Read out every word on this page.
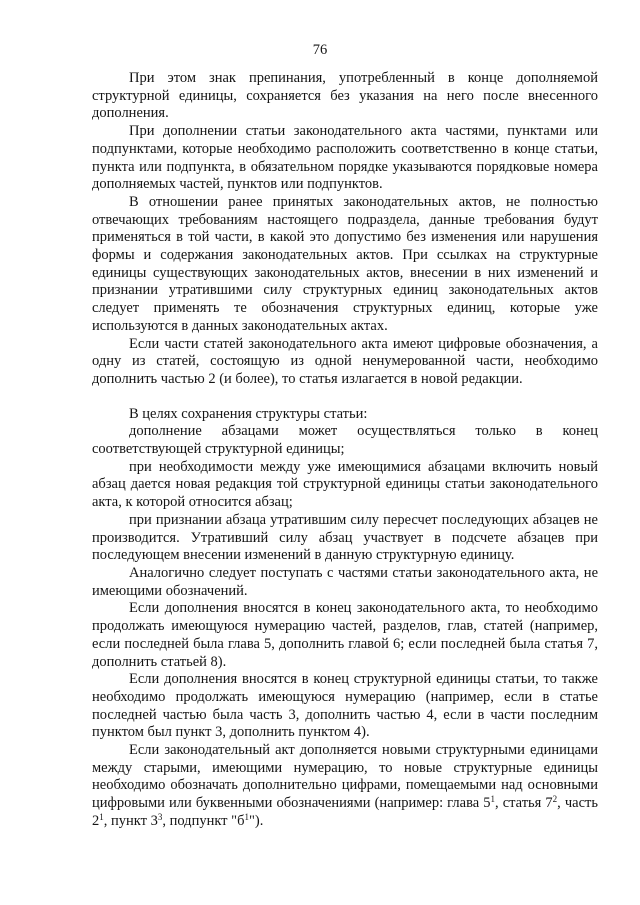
76

При этом знак препинания, употребленный в конце дополняемой структурной единицы, сохраняется без указания на него после внесенного дополнения.

При дополнении статьи законодательного акта частями, пунктами или подпунктами, которые необходимо расположить соответственно в конце статьи, пункта или подпункта, в обязательном порядке указываются порядковые номера дополняемых частей, пунктов или подпунктов.

В отношении ранее принятых законодательных актов, не полностью отвечающих требованиям настоящего подраздела, данные требования будут применяться в той части, в какой это допустимо без изменения или нарушения формы и содержания законодательных актов. При ссылках на структурные единицы существующих законодательных актов, внесении в них изменений и признании утратившими силу структурных единиц законодательных актов следует применять те обозначения структурных единиц, которые уже используются в данных законодательных актах.

Если части статей законодательного акта имеют цифровые обозначения, а одну из статей, состоящую из одной ненумерованной части, необходимо дополнить частью 2 (и более), то статья излагается в новой редакции.

В целях сохранения структуры статьи:

дополнение абзацами может осуществляться только в конец соответствующей структурной единицы;

при необходимости между уже имеющимися абзацами включить новый абзац дается новая редакция той структурной единицы статьи законодательного акта, к которой относится абзац;

при признании абзаца утратившим силу пересчет последующих абзацев не производится. Утративший силу абзац участвует в подсчете абзацев при последующем внесении изменений в данную структурную единицу.

Аналогично следует поступать с частями статьи законодательного акта, не имеющими обозначений.

Если дополнения вносятся в конец законодательного акта, то необходимо продолжать имеющуюся нумерацию частей, разделов, глав, статей (например, если последней была глава 5, дополнить главой 6; если последней была статья 7, дополнить статьей 8).

Если дополнения вносятся в конец структурной единицы статьи, то также необходимо продолжать имеющуюся нумерацию (например, если в статье последней частью была часть 3, дополнить частью 4, если в части последним пунктом был пункт 3, дополнить пунктом 4).

Если законодательный акт дополняется новыми структурными единицами между старыми, имеющими нумерацию, то новые структурные единицы необходимо обозначать дополнительно цифрами, помещаемыми над основными цифровыми или буквенными обозначениями (например: глава $5^1$, статья $7^2$, часть $2^1$, пункт $3^3$, подпункт "$б^1$").
